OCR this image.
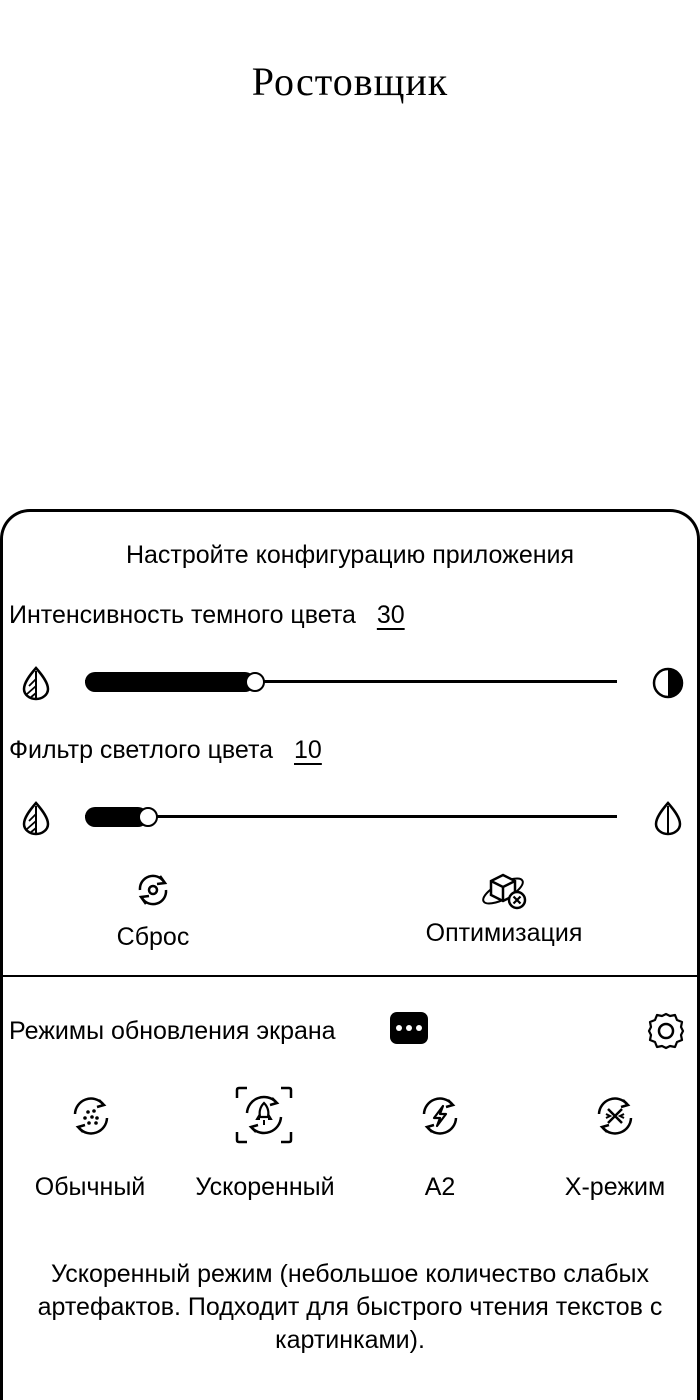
Ростовщик
Настройте конфигурацию приложения
Интенсивность темного цвета 30
Фильтр светлого цвета 10
Сброс	Оптимизация
Режимы обновления экрана
Обычный	Ускоренный	A2	X-режим
Ускоренный режим (небольшое количество слабых артефактов. Подходит для быстрого чтения текстов с картинками).
